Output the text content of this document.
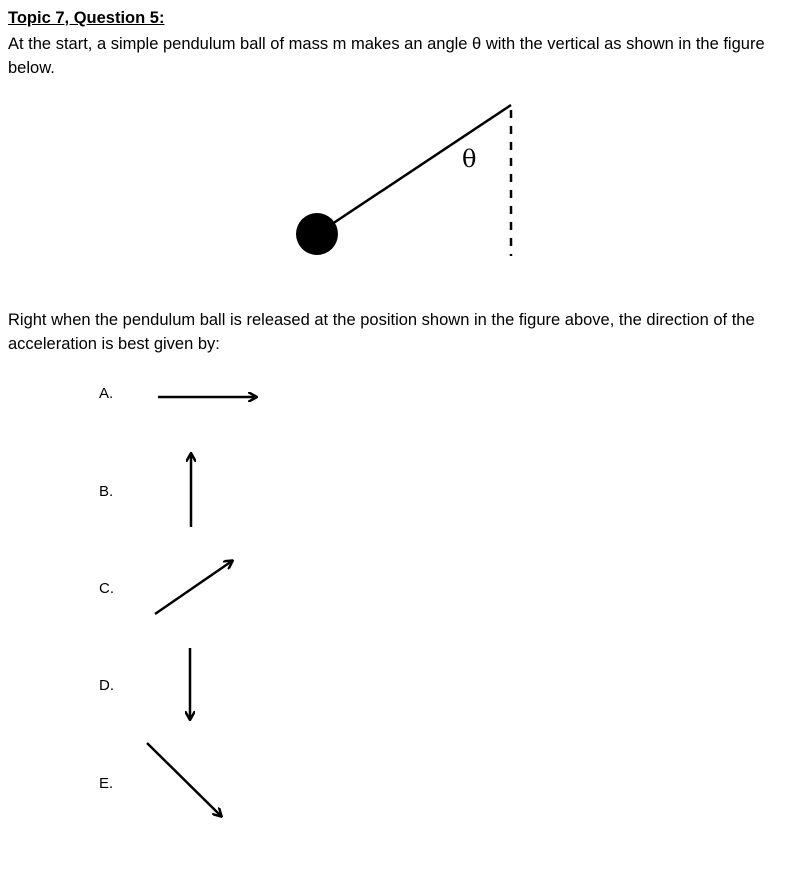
Topic 7, Question 5:
At the start, a simple pendulum ball of mass m makes an angle θ with the vertical as shown in the figure below.
Right when the pendulum ball is released at the position shown in the figure above, the direction of the acceleration is best given by:
θ
A.
B.
C.
D.
E.
